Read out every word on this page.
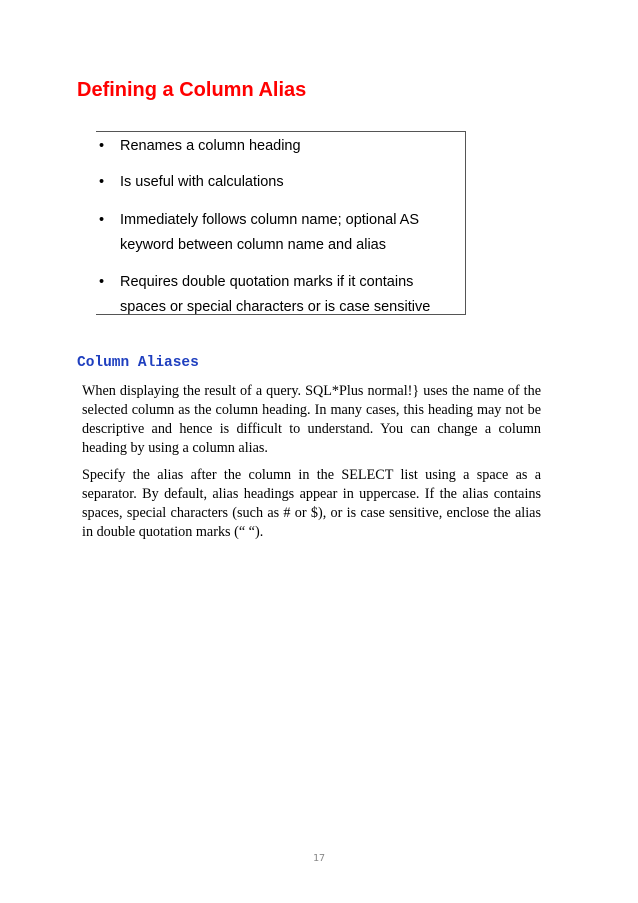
Defining a Column Alias
•	Renames a column heading
•	Is useful with calculations
•	Immediately follows column name; optional AS
keyword between column name and alias
•	Requires double quotation marks if it contains
spaces or special characters or is case sensitive
Column Aliases
When displaying the result of a query. SQL*Plus normal!} uses the name of the selected column as the column heading. In many cases, this heading may not be descriptive and hence is difficult to understand. You can change a column heading by using a column alias.
Specify the alias after the column in the SELECT list using a space as a separator. By default, alias headings appear in uppercase. If the alias contains spaces, special characters (such as # or $), or is case sensitive, enclose the alias in double quotation marks (“ “).
17
